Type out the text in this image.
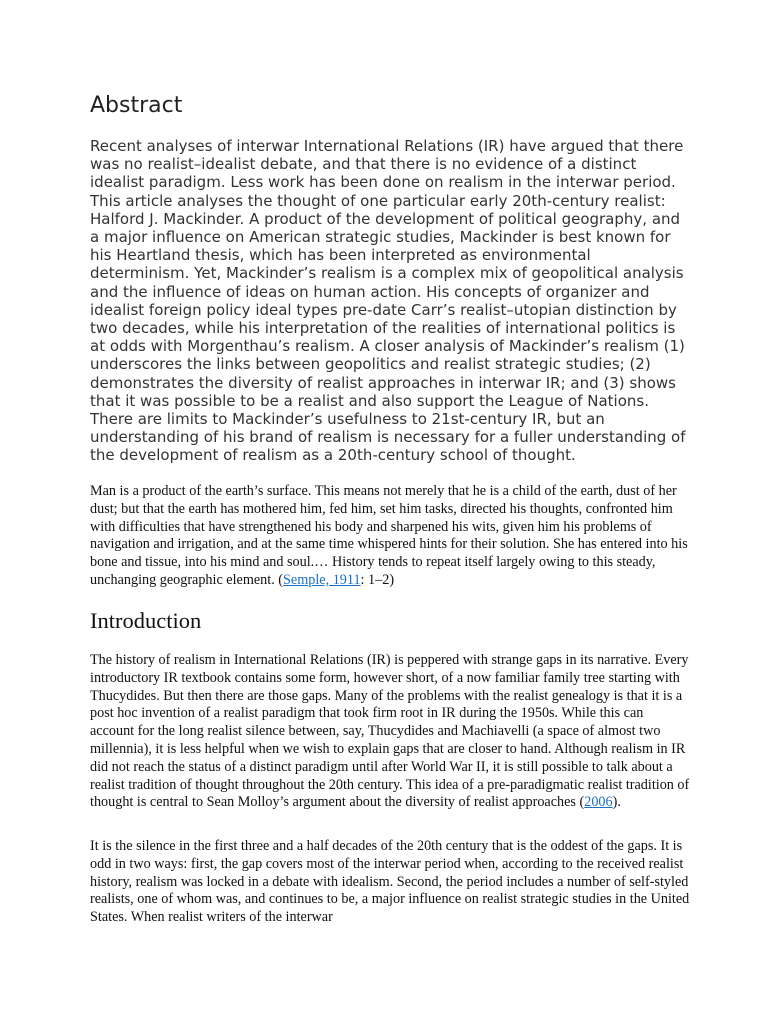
Abstract

Recent analyses of interwar International Relations (IR) have argued that there was no realist–idealist debate, and that there is no evidence of a distinct idealist paradigm. Less work has been done on realism in the interwar period. This article analyses the thought of one particular early 20th-century realist: Halford J. Mackinder. A product of the development of political geography, and a major influence on American strategic studies, Mackinder is best known for his Heartland thesis, which has been interpreted as environmental determinism. Yet, Mackinder’s realism is a complex mix of geopolitical analysis and the influence of ideas on human action. His concepts of organizer and idealist foreign policy ideal types pre-date Carr’s realist–utopian distinction by two decades, while his interpretation of the realities of international politics is at odds with Morgenthau’s realism. A closer analysis of Mackinder’s realism (1) underscores the links between geopolitics and realist strategic studies; (2) demonstrates the diversity of realist approaches in interwar IR; and (3) shows that it was possible to be a realist and also support the League of Nations. There are limits to Mackinder’s usefulness to 21st-century IR, but an understanding of his brand of realism is necessary for a fuller understanding of the development of realism as a 20th-century school of thought.

Man is a product of the earth’s surface. This means not merely that he is a child of the earth, dust of her dust; but that the earth has mothered him, fed him, set him tasks, directed his thoughts, confronted him with difficulties that have strengthened his body and sharpened his wits, given him his problems of navigation and irrigation, and at the same time whispered hints for their solution. She has entered into his bone and tissue, into his mind and soul.… History tends to repeat itself largely owing to this steady, unchanging geographic element. (Semple, 1911: 1–2)

Introduction

The history of realism in International Relations (IR) is peppered with strange gaps in its narrative. Every introductory IR textbook contains some form, however short, of a now familiar family tree starting with Thucydides. But then there are those gaps. Many of the problems with the realist genealogy is that it is a post hoc invention of a realist paradigm that took firm root in IR during the 1950s. While this can account for the long realist silence between, say, Thucydides and Machiavelli (a space of almost two millennia), it is less helpful when we wish to explain gaps that are closer to hand. Although realism in IR did not reach the status of a distinct paradigm until after World War II, it is still possible to talk about a realist tradition of thought throughout the 20th century. This idea of a pre-paradigmatic realist tradition of thought is central to Sean Molloy’s argument about the diversity of realist approaches (2006).

It is the silence in the first three and a half decades of the 20th century that is the oddest of the gaps. It is odd in two ways: first, the gap covers most of the interwar period when, according to the received realist history, realism was locked in a debate with idealism. Second, the period includes a number of self-styled realists, one of whom was, and continues to be, a major influence on realist strategic studies in the United States. When realist writers of the interwar
